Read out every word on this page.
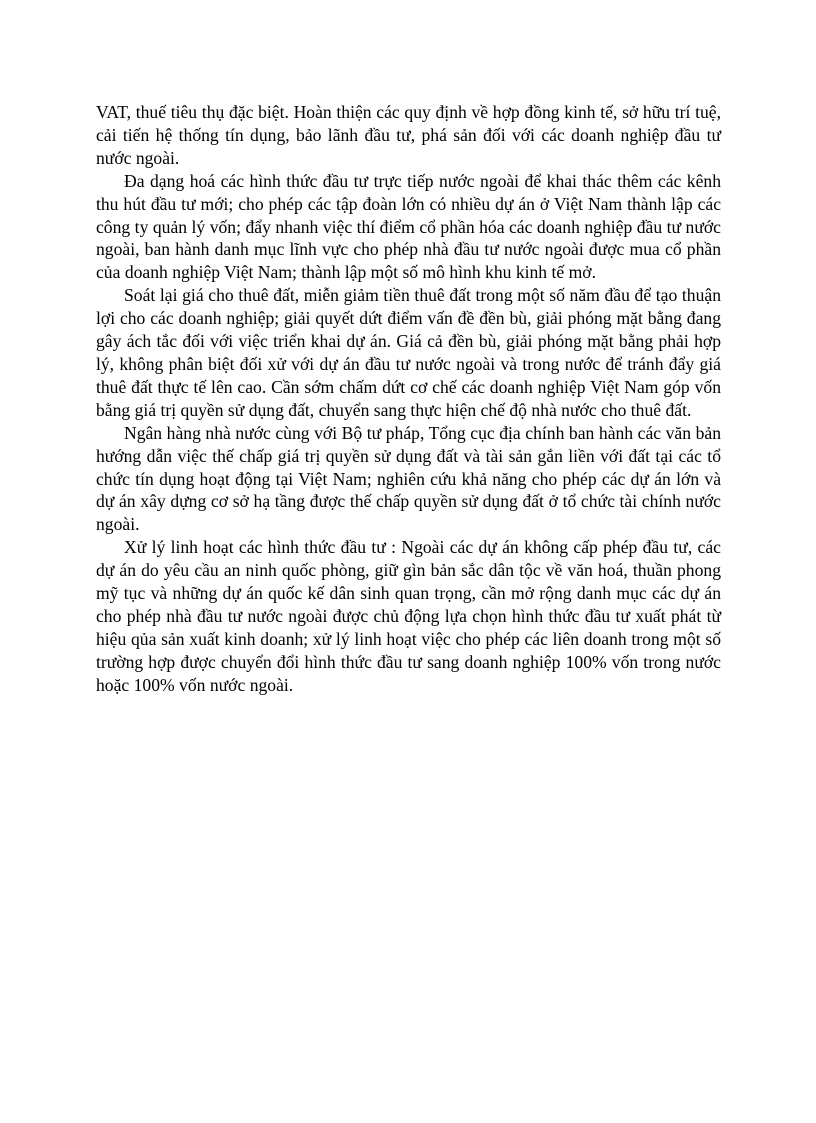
VAT, thuế tiêu thụ đặc biệt. Hoàn thiện các quy định về hợp đồng kinh tế, sở hữu trí tuệ, cải tiến hệ thống tín dụng, bảo lãnh đầu tư, phá sản đối với các doanh nghiệp đầu tư nước ngoài.

Đa dạng hoá các hình thức đầu tư trực tiếp nước ngoài để khai thác thêm các kênh thu hút đầu tư mới; cho phép các tập đoàn lớn có nhiều dự án ở Việt Nam thành lập các công ty quản lý vốn; đẩy nhanh việc thí điểm cổ phần hóa các doanh nghiệp đầu tư nước ngoài, ban hành danh mục lĩnh vực cho phép nhà đầu tư nước ngoài được mua cổ phần của doanh nghiệp Việt Nam; thành lập một số mô hình khu kinh tế mở.

Soát lại giá cho thuê đất, miễn giảm tiền thuê đất trong một số năm đầu để tạo thuận lợi cho các doanh nghiệp; giải quyết dứt điểm vấn đề đền bù, giải phóng mặt bằng đang gây ách tắc đối với việc triển khai dự án. Giá cả đền bù, giải phóng mặt bằng phải hợp lý, không phân biệt đối xử với dự án đầu tư nước ngoài và trong nước để tránh đẩy giá thuê đất thực tế lên cao. Cần sớm chấm dứt cơ chế các doanh nghiệp Việt Nam góp vốn bằng giá trị quyền sử dụng đất, chuyển sang thực hiện chế độ nhà nước cho thuê đất.

Ngân hàng nhà nước cùng với Bộ tư pháp, Tổng cục địa chính ban hành các văn bản hướng dẫn việc thế chấp giá trị quyền sử dụng đất và tài sản gắn liền với đất tại các tổ chức tín dụng hoạt động tại Việt Nam; nghiên cứu khả năng cho phép các dự án lớn và dự án xây dựng cơ sở hạ tầng được thế chấp quyền sử dụng đất ở tổ chức tài chính nước ngoài.

Xử lý linh hoạt các hình thức đầu tư : Ngoài các dự án không cấp phép đầu tư, các dự án do yêu cầu an ninh quốc phòng, giữ gìn bản sắc dân tộc về văn hoá, thuần phong mỹ tục và những dự án quốc kế dân sinh quan trọng, cần mở rộng danh mục các dự án cho phép nhà đầu tư nước ngoài được chủ động lựa chọn hình thức đầu tư xuất phát từ hiệu qủa sản xuất kinh doanh; xử lý linh hoạt việc cho phép các liên doanh trong một số trường hợp được chuyển đổi hình thức đầu tư sang doanh nghiệp 100% vốn trong nước hoặc 100% vốn nước ngoài.
